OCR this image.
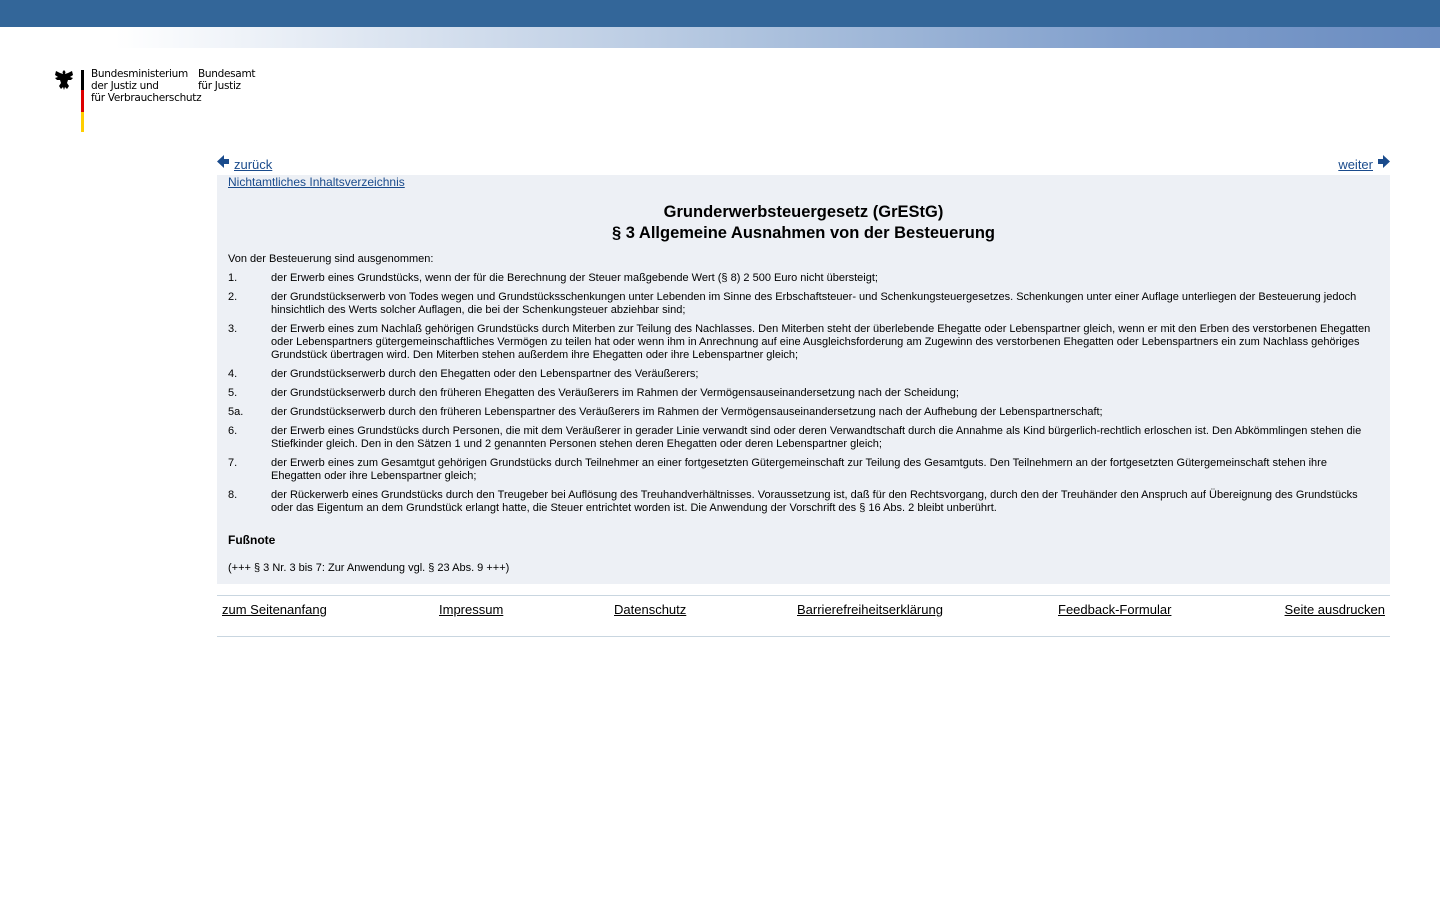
Bundesministerium
der Justiz und
für Verbraucherschutz
Bundesamt
für Justiz
zurück	weiter
Nichtamtliches Inhaltsverzeichnis
Grunderwerbsteuergesetz (GrEStG)
§ 3 Allgemeine Ausnahmen von der Besteuerung
Von der Besteuerung sind ausgenommen:
1.	der Erwerb eines Grundstücks, wenn der für die Berechnung der Steuer maßgebende Wert (§ 8) 2 500 Euro nicht übersteigt;
2.	der Grundstückserwerb von Todes wegen und Grundstücksschenkungen unter Lebenden im Sinne des Erbschaftsteuer- und Schenkungsteuergesetzes. Schenkungen unter einer Auflage unterliegen der Besteuerung jedoch hinsichtlich des Werts solcher Auflagen, die bei der Schenkungsteuer abziehbar sind;
3.	der Erwerb eines zum Nachlaß gehörigen Grundstücks durch Miterben zur Teilung des Nachlasses. Den Miterben steht der überlebende Ehegatte oder Lebenspartner gleich, wenn er mit den Erben des verstorbenen Ehegatten oder Lebenspartners gütergemeinschaftliches Vermögen zu teilen hat oder wenn ihm in Anrechnung auf eine Ausgleichsforderung am Zugewinn des verstorbenen Ehegatten oder Lebenspartners ein zum Nachlass gehöriges Grundstück übertragen wird. Den Miterben stehen außerdem ihre Ehegatten oder ihre Lebenspartner gleich;
4.	der Grundstückserwerb durch den Ehegatten oder den Lebenspartner des Veräußerers;
5.	der Grundstückserwerb durch den früheren Ehegatten des Veräußerers im Rahmen der Vermögensauseinandersetzung nach der Scheidung;
5a.	der Grundstückserwerb durch den früheren Lebenspartner des Veräußerers im Rahmen der Vermögensauseinandersetzung nach der Aufhebung der Lebenspartnerschaft;
6.	der Erwerb eines Grundstücks durch Personen, die mit dem Veräußerer in gerader Linie verwandt sind oder deren Verwandtschaft durch die Annahme als Kind bürgerlich-rechtlich erloschen ist. Den Abkömmlingen stehen die Stiefkinder gleich. Den in den Sätzen 1 und 2 genannten Personen stehen deren Ehegatten oder deren Lebenspartner gleich;
7.	der Erwerb eines zum Gesamtgut gehörigen Grundstücks durch Teilnehmer an einer fortgesetzten Gütergemeinschaft zur Teilung des Gesamtguts. Den Teilnehmern an der fortgesetzten Gütergemeinschaft stehen ihre Ehegatten oder ihre Lebenspartner gleich;
8.	der Rückerwerb eines Grundstücks durch den Treugeber bei Auflösung des Treuhandverhältnisses. Voraussetzung ist, daß für den Rechtsvorgang, durch den der Treuhänder den Anspruch auf Übereignung des Grundstücks oder das Eigentum an dem Grundstück erlangt hatte, die Steuer entrichtet worden ist. Die Anwendung der Vorschrift des § 16 Abs. 2 bleibt unberührt.
Fußnote
(+++ § 3 Nr. 3 bis 7: Zur Anwendung vgl. § 23 Abs. 9 +++)
zum Seitenanfang	Impressum	Datenschutz	Barrierefreiheitserklärung	Feedback-Formular	Seite ausdrucken
